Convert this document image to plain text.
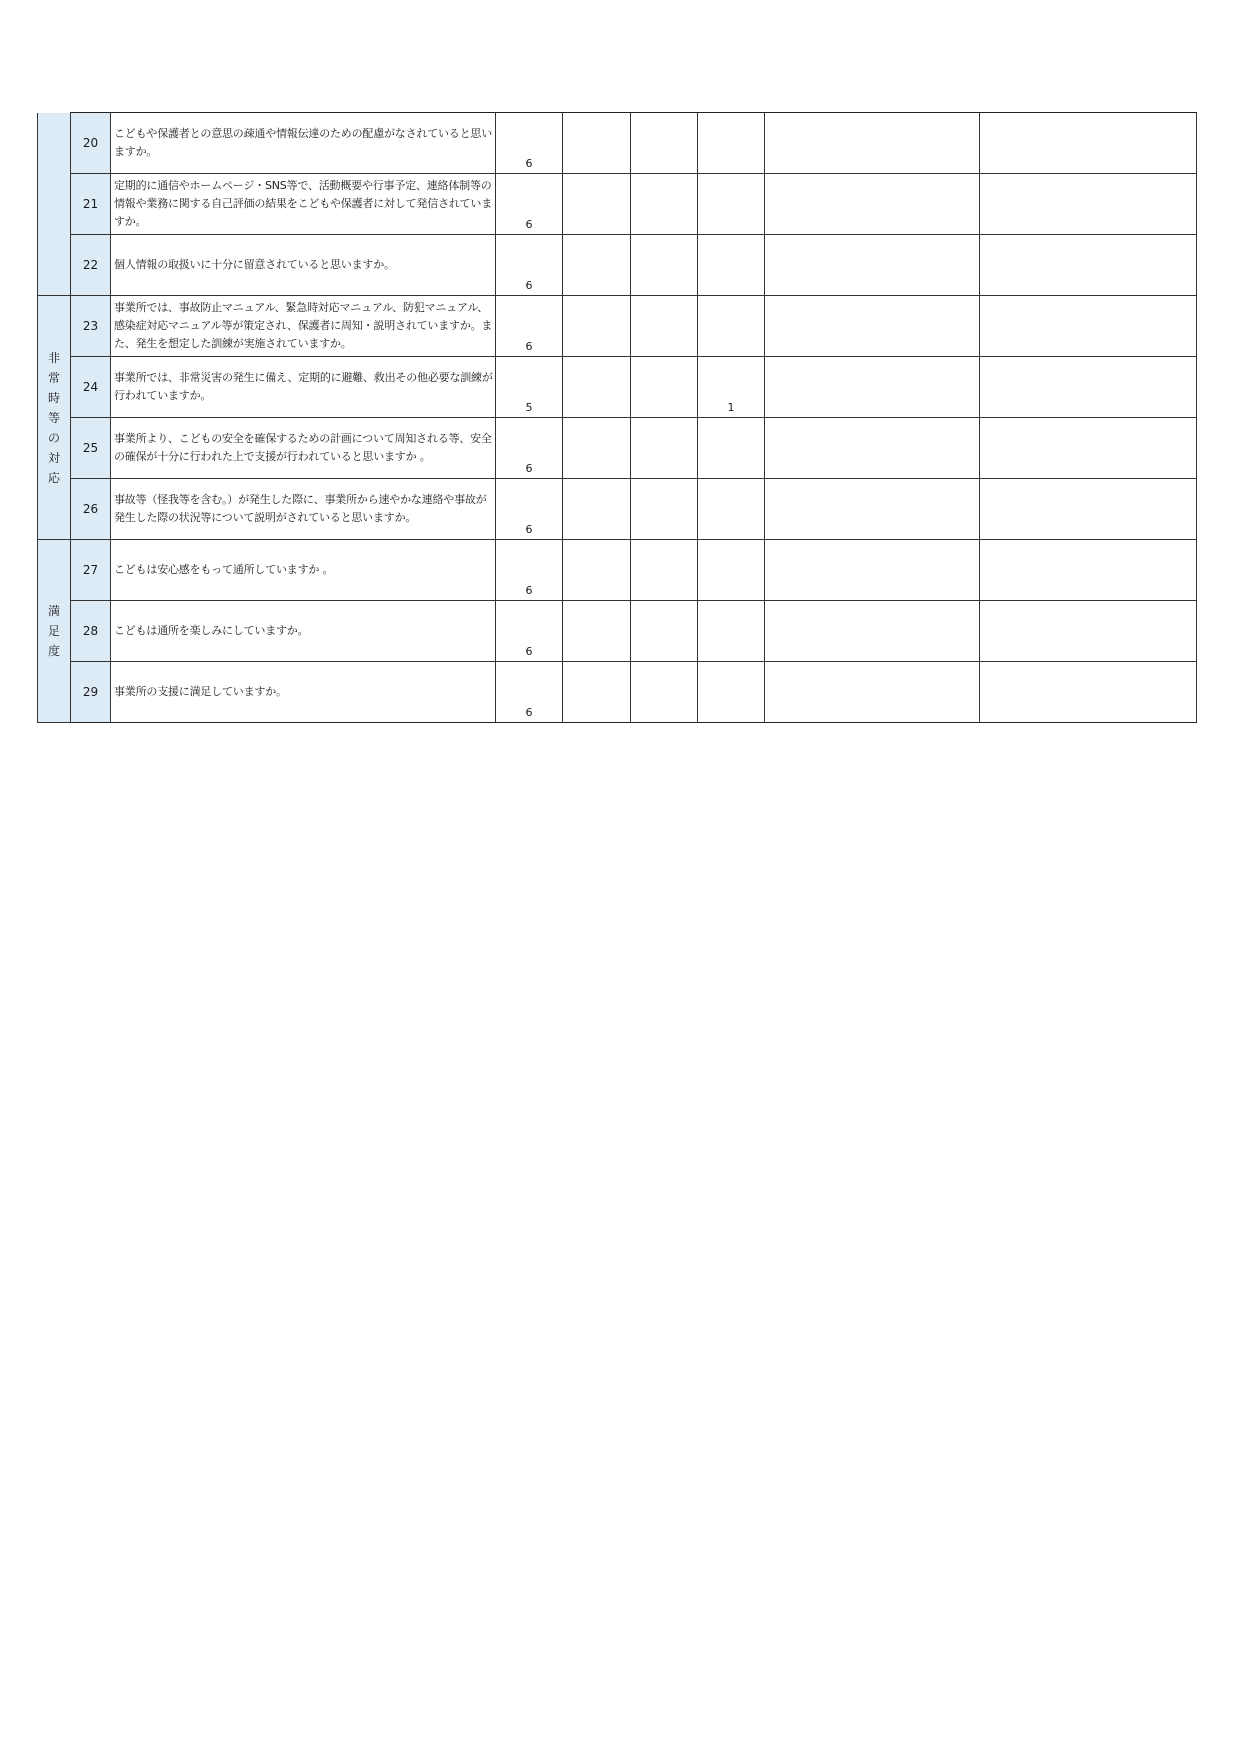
	20	こどもや保護者との意思の疎通や情報伝達のための配慮がなされていると思いますか。	6					

	21	定期的に通信やホームページ・SNS等で、活動概要や行事予定、連絡体制等の情報や業務に関する自己評価の結果をこどもや保護者に対して発信されていますか。	6					

	22	個人情報の取扱いに十分に留意されていると思いますか。	6					

非常時等の対応	23	事業所では、事故防止マニュアル、緊急時対応マニュアル、防犯マニュアル、感染症対応マニュアル等が策定され、保護者に周知・説明されていますか。また、発生を想定した訓練が実施されていますか。	6					

	24	事業所では、非常災害の発生に備え、定期的に避難、救出その他必要な訓練が行われていますか。	5			1		

	25	事業所より、こどもの安全を確保するための計画について周知される等、安全の確保が十分に行われた上で支援が行われていると思いますか 。	6					

	26	事故等（怪我等を含む。）が発生した際に、事業所から速やかな連絡や事故が発生した際の状況等について説明がされていると思いますか。	6					

満足度	27	こどもは安心感をもって通所していますか 。	6					

	28	こどもは通所を楽しみにしていますか。	6					

	29	事業所の支援に満足していますか。	6					
